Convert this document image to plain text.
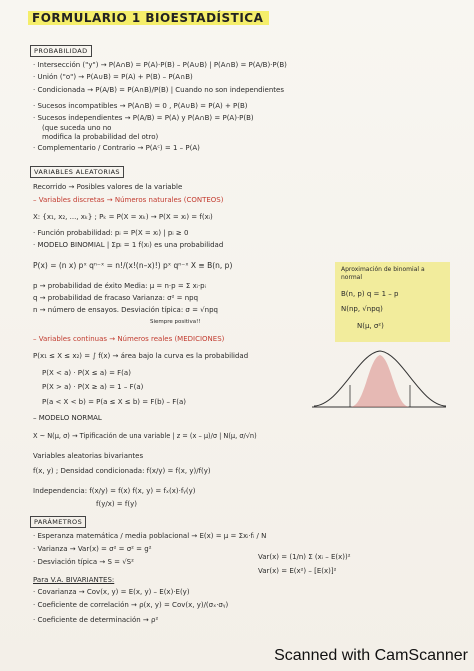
FORMULARIO 1 BIOESTADÍSTICA
PROBABILIDAD
· Intersección ("y") → P(A∩B) = P(A)·P(B) – P(A∪B) | P(A∩B) = P(A/B)·P(B)
· Unión ("o") → P(A∪B) = P(A) + P(B) – P(A∩B)
· Condicionada → P(A/B) = P(A∩B)/P(B) | Cuando no son independientes
· Sucesos incompatibles → P(A∩B) = 0 , P(A∪B) = P(A) + P(B)
· Sucesos independientes → P(A/B) = P(A) y P(A∩B) = P(A)·P(B)
(que suceda uno no
modifica la probabilidad del otro)
· Complementario / Contrario → P(Aᶜ) = 1 – P(A)
VARIABLES ALEATORIAS
Recorrido → Posibles valores de la variable
– Variables discretas → Números naturales (CONTEOS)
X: {x₁, x₂, ..., xₖ} ; Pₖ = P(X = xₖ) → P(X = xᵢ) = f(xᵢ)
· Función probabilidad: pᵢ = P(X = xᵢ) | pᵢ ≥ 0
· MODELO BINOMIAL | Σpᵢ = 1 f(xᵢ) es una probabilidad
P(x) = (n x) pˣ qⁿ⁻ˣ = n!/(x!(n–x)!) pˣ qⁿ⁻ˣ X ≡ B(n, p)
p → probabilidad de éxito Media: μ = n·p = Σ xᵢ·pᵢ
q → probabilidad de fracaso Varianza: σ² = npq
n → número de ensayos. Desviación típica: σ = √npq
Siempre positiva!!
Aproximación de binomial a normal
B(n, p) q = 1 – p
N(np, √npq)
N(μ, σ²)
– Variables continuas → Números reales (MEDICIONES)
P(x₁ ≤ X ≤ x₂) = ∫ f(x) → área bajo la curva es la probabilidad
P(X < a) · P(X ≤ a) = F(a)
P(X > a) · P(X ≥ a) = 1 – F(a)
P(a < X < b) = P(a ≤ X ≤ b) = F(b) – F(a)
– MODELO NORMAL
X ~ N(μ, σ) → Tipificación de una variable | z = (x – μ)/σ | N(μ, σ/√n)
Variables aleatorias bivariantes
f(x, y) ; Densidad condicionada: f(x/y) = f(x, y)/f(y)
Independencia: f(x/y) = f(x) f(x, y) = fₓ(x)·fᵧ(y)
f(y/x) = f(y)
PARÁMETROS
· Esperanza matemática / media poblacional → E(x) = μ = Σxᵢ·fᵢ / N
· Varianza → Var(x) = σ² = σ² = g²
· Desviación típica → S = √S²
Var(x) = (1/n) Σ (xᵢ – E(x))²
Var(x) = E(x²) – [E(x)]²
Para V.A. BIVARIANTES:
· Covarianza → Cov(x, y) = E(x, y) – E(x)·E(y)
· Coeficiente de correlación → ρ(x, y) = Cov(x, y)/(σₓ·σᵧ)
· Coeficiente de determinación → ρ²
Scanned with CamScanner
